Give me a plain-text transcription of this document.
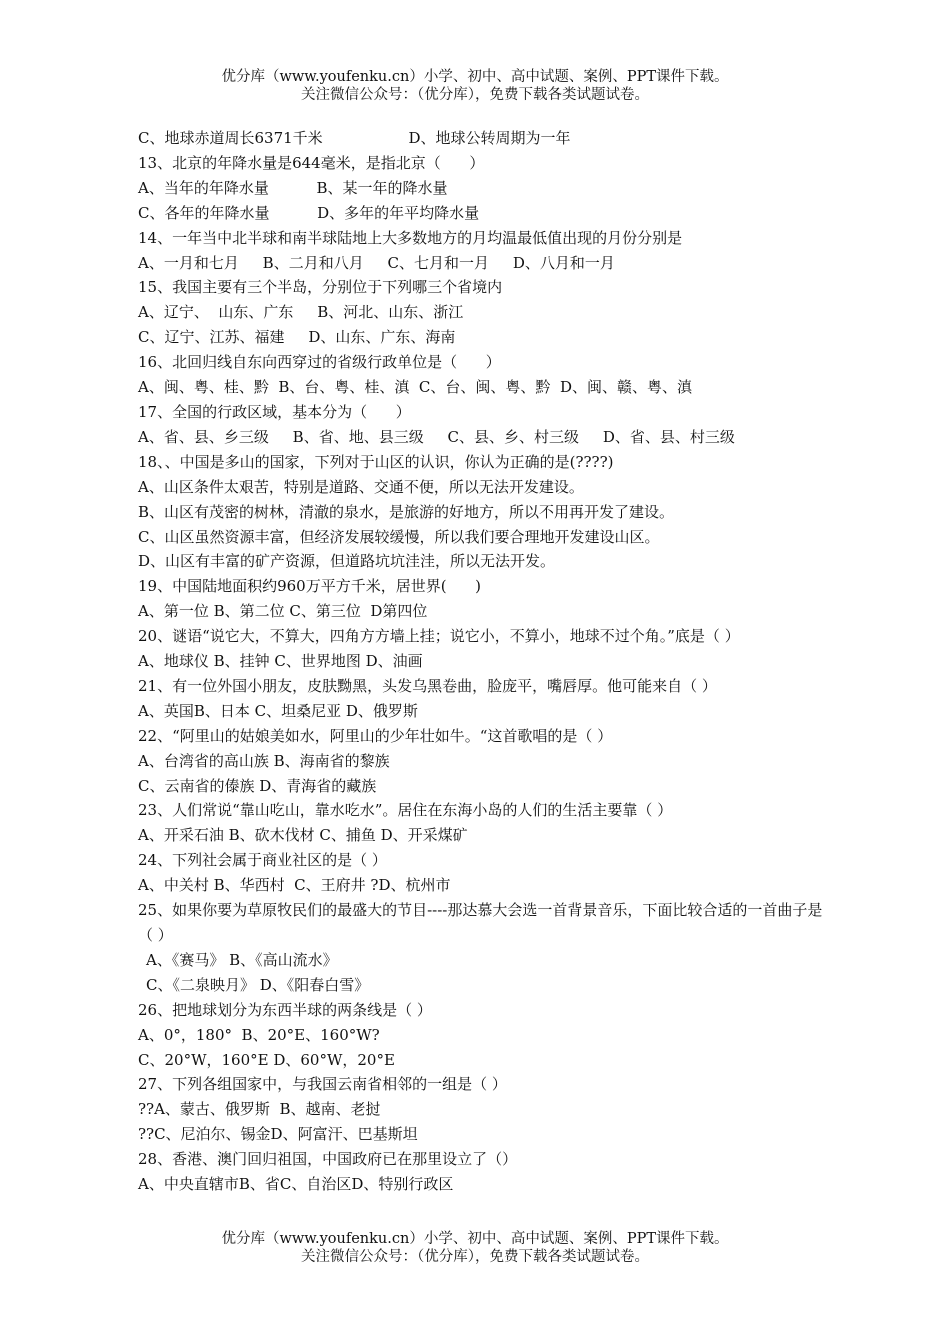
优分库（www.youfenku.cn）小学、初中、高中试题、案例、PPT课件下载。
关注微信公众号：（优分库），免费下载各类试题试卷。
C、地球赤道周长6371千米                  D、地球公转周期为一年
13、北京的年降水量是644毫米，是指北京（      ）
A、当年的年降水量          B、某一年的降水量
C、各年的年降水量          D、多年的年平均降水量
14、一年当中北半球和南半球陆地上大多数地方的月均温最低值出现的月份分别是
A、一月和七月     B、二月和八月     C、七月和一月     D、八月和一月
15、我国主要有三个半岛，分别位于下列哪三个省境内
A、辽宁、  山东、广东     B、河北、山东、浙江
C、辽宁、江苏、福建     D、山东、广东、海南
16、北回归线自东向西穿过的省级行政单位是（      ）
A、闽、粤、桂、黔  B、台、粤、桂、滇  C、台、闽、粤、黔  D、闽、赣、粤、滇
17、全国的行政区域，基本分为（      ）
A、省、县、乡三级     B、省、地、县三级     C、县、乡、村三级     D、省、县、村三级
18、、中国是多山的国家，下列对于山区的认识，你认为正确的是(????)
A、山区条件太艰苦，特别是道路、交通不便，所以无法开发建设。
B、山区有茂密的树林，清澈的泉水，是旅游的好地方，所以不用再开发了建设。
C、山区虽然资源丰富，但经济发展较缓慢，所以我们要合理地开发建设山区。
D、山区有丰富的矿产资源，但道路坑坑洼洼，所以无法开发。
19、中国陆地面积约960万平方千米，居世界(      )
A、第一位 B、第二位 C、第三位  D第四位
20、谜语“说它大，不算大，四角方方墙上挂；说它小，不算小，地球不过个角。”底是（ ）
A、地球仪 B、挂钟 C、世界地图 D、油画
21、有一位外国小朋友，皮肤黝黑，头发乌黑卷曲，脸庞平，嘴唇厚。他可能来自（ ）
A、英国B、日本 C、坦桑尼亚 D、俄罗斯
22、“阿里山的姑娘美如水，阿里山的少年壮如牛。“这首歌唱的是（ ）
A、台湾省的高山族 B、海南省的黎族
C、云南省的傣族 D、青海省的藏族
23、人们常说“靠山吃山，靠水吃水”。居住在东海小岛的人们的生活主要靠（ ）
A、开采石油 B、砍木伐材 C、捕鱼 D、开采煤矿
24、下列社会属于商业社区的是（ ）
A、中关村 B、华西村  C、王府井 ?D、杭州市
25、如果你要为草原牧民们的最盛大的节目----那达慕大会选一首背景音乐，下面比较合适的一首曲子是（ ）
A、《赛马》 B、《高山流水》
C、《二泉映月》 D、《阳春白雪》
26、把地球划分为东西半球的两条线是（ ）
A、0°，180°  B、20°E、160°W?
C、20°W，160°E D、60°W，20°E
27、下列各组国家中，与我国云南省相邻的一组是（ ）
??A、蒙古、俄罗斯  B、越南、老挝
??C、尼泊尔、锡金D、阿富汗、巴基斯坦
28、香港、澳门回归祖国，中国政府已在那里设立了（）
A、中央直辖市B、省C、自治区D、特别行政区
优分库（www.youfenku.cn）小学、初中、高中试题、案例、PPT课件下载。
关注微信公众号：（优分库），免费下载各类试题试卷。
